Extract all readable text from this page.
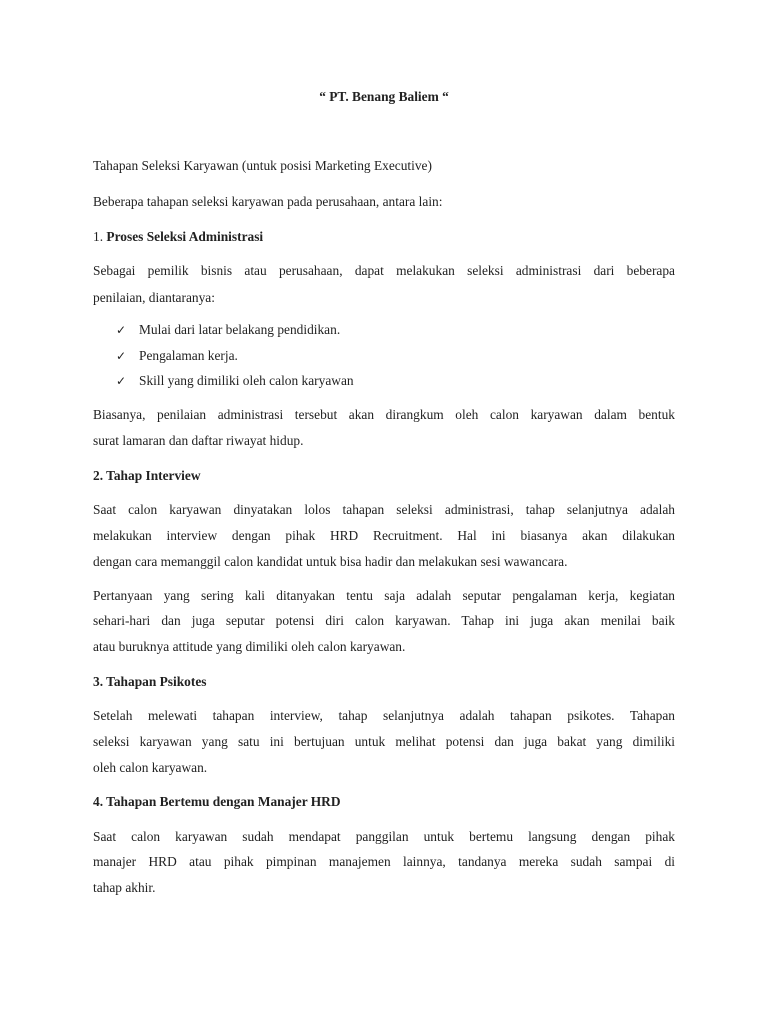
“ PT. Benang Baliem “

Tahapan Seleksi Karyawan (untuk posisi Marketing Executive)

Beberapa tahapan seleksi karyawan pada perusahaan, antara lain:

1. Proses Seleksi Administrasi

Sebagai pemilik bisnis atau perusahaan, dapat melakukan seleksi administrasi dari beberapa

penilaian, diantaranya:

✓ Mulai dari latar belakang pendidikan.

✓ Pengalaman kerja.

✓ Skill yang dimiliki oleh calon karyawan

Biasanya, penilaian administrasi tersebut akan dirangkum oleh calon karyawan dalam bentuk

surat lamaran dan daftar riwayat hidup.

2. Tahap Interview

Saat calon karyawan dinyatakan lolos tahapan seleksi administrasi, tahap selanjutnya adalah

melakukan interview dengan pihak HRD Recruitment. Hal ini biasanya akan dilakukan

dengan cara memanggil calon kandidat untuk bisa hadir dan melakukan sesi wawancara.

Pertanyaan yang sering kali ditanyakan tentu saja adalah seputar pengalaman kerja, kegiatan

sehari-hari dan juga seputar potensi diri calon karyawan. Tahap ini juga akan menilai baik

atau buruknya attitude yang dimiliki oleh calon karyawan.

3. Tahapan Psikotes

Setelah melewati tahapan interview, tahap selanjutnya adalah tahapan psikotes. Tahapan

seleksi karyawan yang satu ini bertujuan untuk melihat potensi dan juga bakat yang dimiliki

oleh calon karyawan.

4. Tahapan Bertemu dengan Manajer HRD

Saat calon karyawan sudah mendapat panggilan untuk bertemu langsung dengan pihak

manajer HRD atau pihak pimpinan manajemen lainnya, tandanya mereka sudah sampai di

tahap akhir.
